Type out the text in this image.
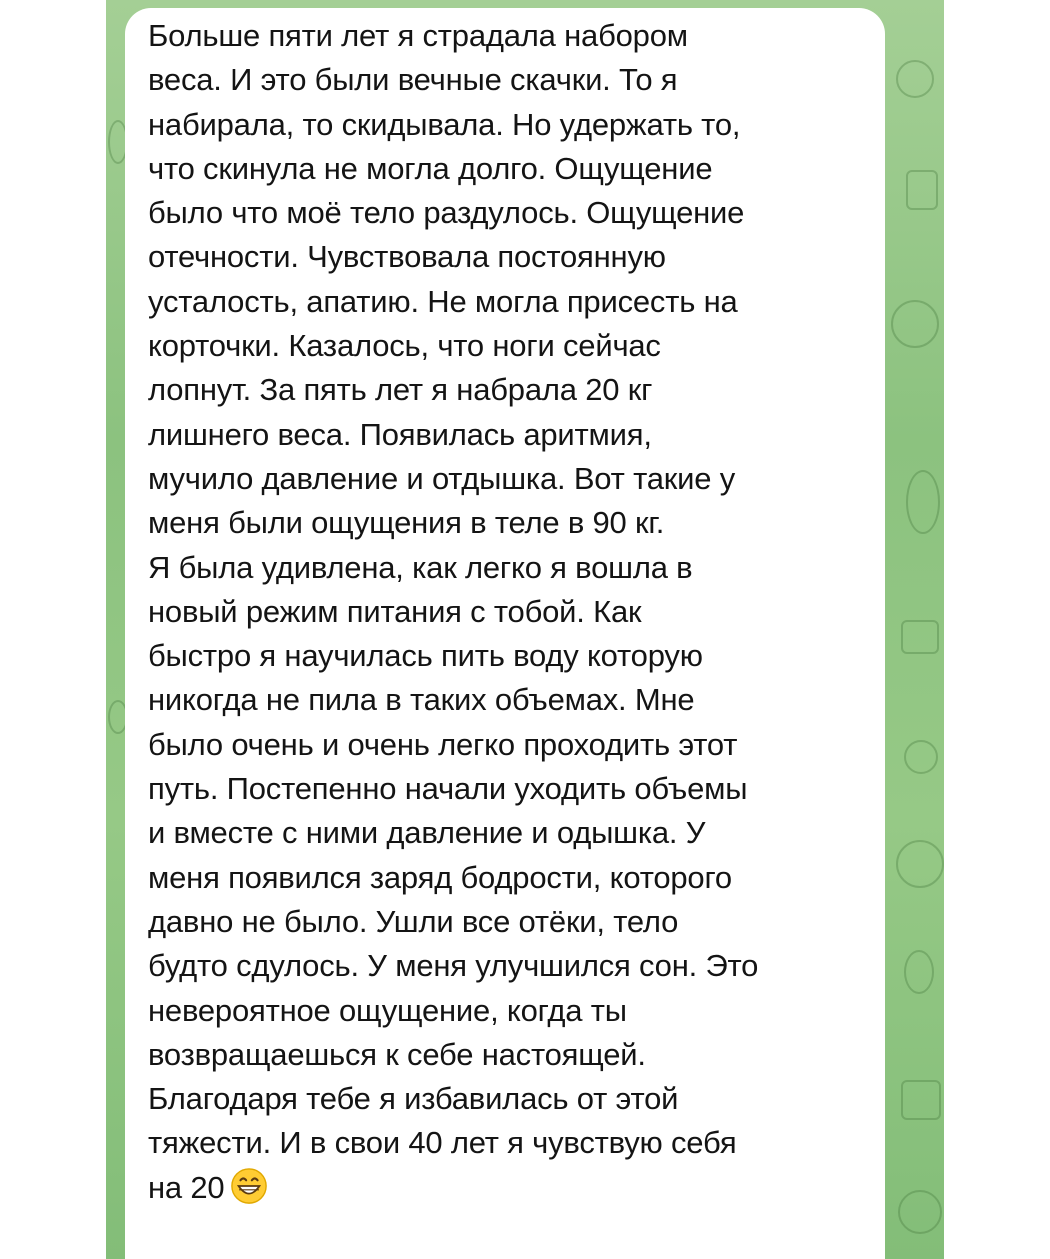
Больше пяти лет я страдала набором
веса. И это были вечные скачки. То я
набирала, то скидывала. Но удержать то,
что скинула не могла долго. Ощущение
было что моё тело раздулось. Ощущение
отечности. Чувствовала постоянную
усталость, апатию. Не могла присесть на
корточки. Казалось, что ноги сейчас
лопнут. За пять лет я набрала 20 кг
лишнего веса. Появилась аритмия,
мучило давление и отдышка. Вот такие у
меня были ощущения в теле в 90 кг.
Я была удивлена, как легко я вошла в
новый режим питания с тобой. Как
быстро я научилась пить воду которую
никогда не пила в таких объемах. Мне
было очень и очень легко проходить этот
путь. Постепенно начали уходить объемы
и вместе с ними давление и одышка. У
меня появился заряд бодрости, которого
давно не было. Ушли все отёки, тело
будто сдулось. У меня улучшился сон. Это
невероятное ощущение, когда ты
возвращаешься к себе настоящей.
Благодаря тебе я избавилась от этой
тяжести. И в свои 40 лет я чувствую себя
на 20
